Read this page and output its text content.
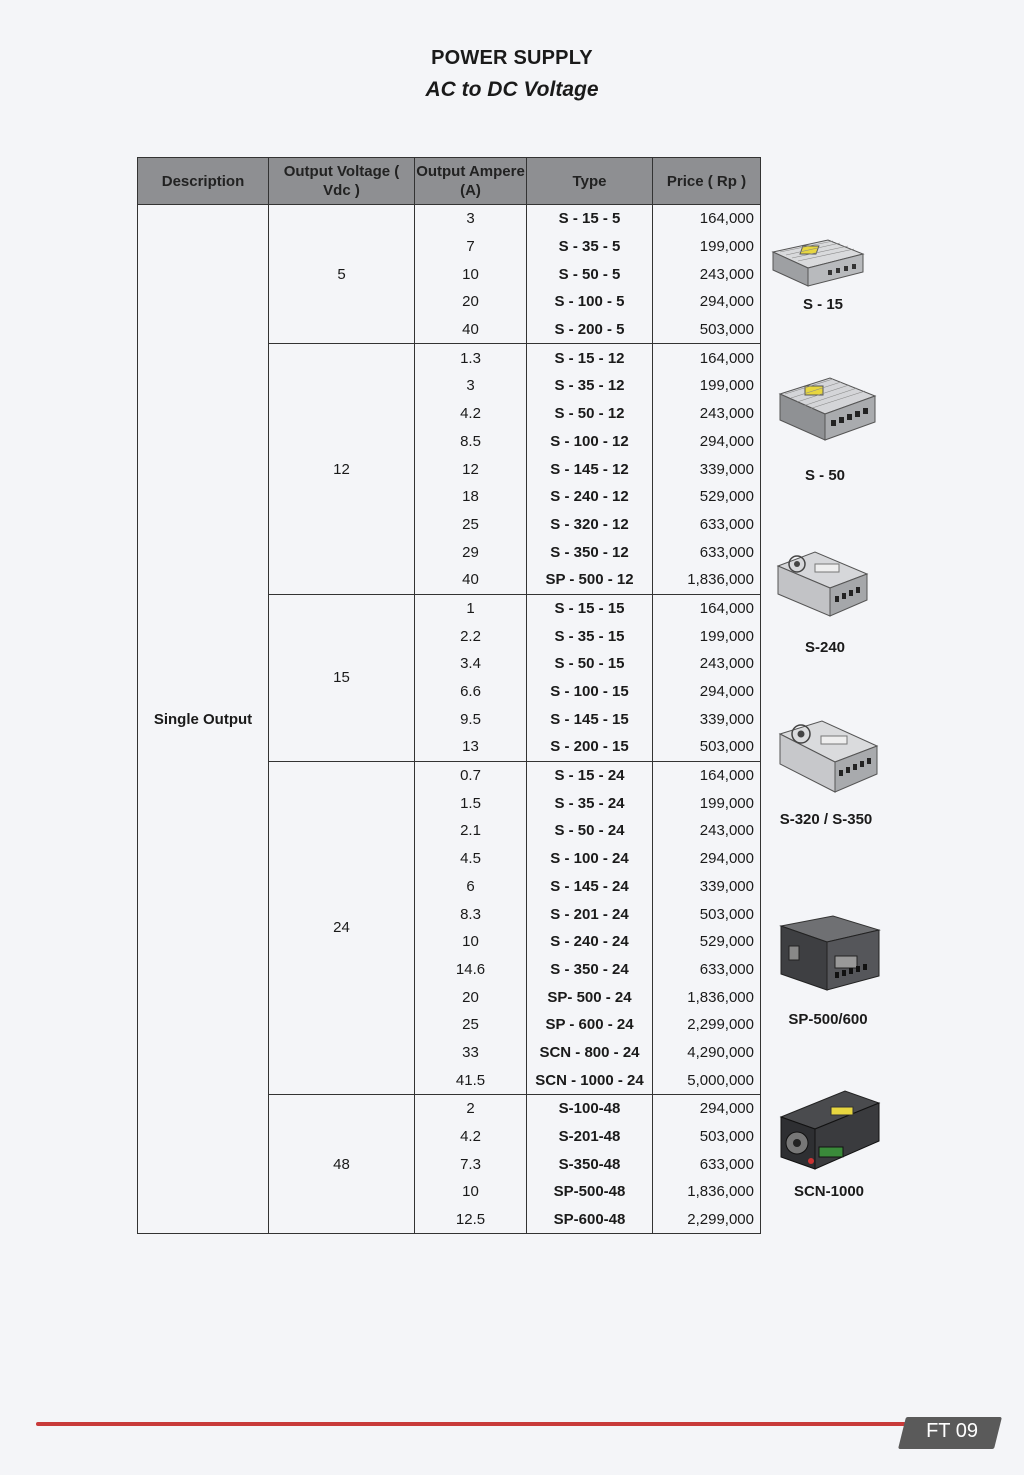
POWER SUPPLY
AC to DC Voltage
Description	Output Voltage ( Vdc )	Output Ampere (A)	Type	Price ( Rp )
Single Output	5	3	S - 15 - 5	164,000
		7	S - 35 - 5	199,000
		10	S - 50 - 5	243,000
		20	S - 100 - 5	294,000
		40	S - 200 - 5	503,000
	12	1.3	S - 15 - 12	164,000
		3	S - 35 - 12	199,000
		4.2	S - 50 - 12	243,000
		8.5	S - 100 - 12	294,000
		12	S - 145 - 12	339,000
		18	S - 240 - 12	529,000
		25	S - 320 - 12	633,000
		29	S - 350 - 12	633,000
		40	SP - 500 - 12	1,836,000
	15	1	S - 15 - 15	164,000
		2.2	S - 35 - 15	199,000
		3.4	S - 50 - 15	243,000
		6.6	S - 100 - 15	294,000
		9.5	S - 145 - 15	339,000
		13	S - 200 - 15	503,000
	24	0.7	S - 15 - 24	164,000
		1.5	S - 35 - 24	199,000
		2.1	S - 50 - 24	243,000
		4.5	S - 100 - 24	294,000
		6	S - 145 - 24	339,000
		8.3	S - 201 - 24	503,000
		10	S - 240 - 24	529,000
		14.6	S - 350 - 24	633,000
		20	SP- 500 - 24	1,836,000
		25	SP - 600 - 24	2,299,000
		33	SCN - 800 - 24	4,290,000
		41.5	SCN - 1000 - 24	5,000,000
	48	2	S-100-48	294,000
		4.2	S-201-48	503,000
		7.3	S-350-48	633,000
		10	SP-500-48	1,836,000
		12.5	SP-600-48	2,299,000
S - 15
S - 50
S-240
S-320 / S-350
SP-500/600
SCN-1000
FT 09
